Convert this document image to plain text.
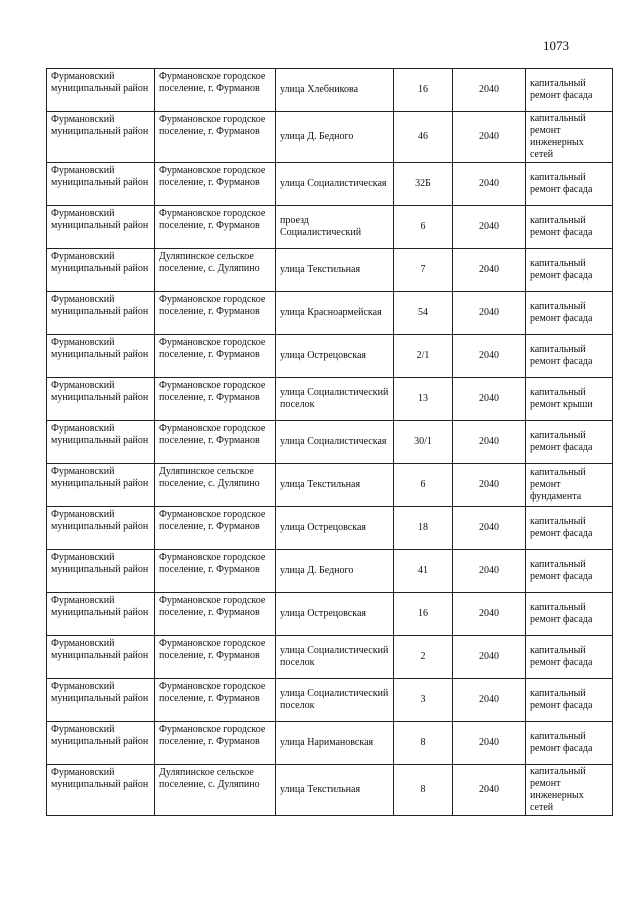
1073
Фурмановский муниципальный район	Фурмановское городское поселение, г. Фурманов	улица Хлебникова	16	2040	капитальный ремонт фасада
Фурмановский муниципальный район	Фурмановское городское поселение, г. Фурманов	улица Д. Бедного	46	2040	капитальный ремонт инженерных сетей
Фурмановский муниципальный район	Фурмановское городское поселение, г. Фурманов	улица Социалистическая	32Б	2040	капитальный ремонт фасада
Фурмановский муниципальный район	Фурмановское городское поселение, г. Фурманов	проезд Социалистический	6	2040	капитальный ремонт фасада
Фурмановский муниципальный район	Дуляпинское сельское поселение, с. Дуляпино	улица Текстильная	7	2040	капитальный ремонт фасада
Фурмановский муниципальный район	Фурмановское городское поселение, г. Фурманов	улица Красноармейская	54	2040	капитальный ремонт фасада
Фурмановский муниципальный район	Фурмановское городское поселение, г. Фурманов	улица Острецовская	2/1	2040	капитальный ремонт фасада
Фурмановский муниципальный район	Фурмановское городское поселение, г. Фурманов	улица Социалистический поселок	13	2040	капитальный ремонт крыши
Фурмановский муниципальный район	Фурмановское городское поселение, г. Фурманов	улица Социалистическая	30/1	2040	капитальный ремонт фасада
Фурмановский муниципальный район	Дуляпинское сельское поселение, с. Дуляпино	улица Текстильная	6	2040	капитальный ремонт фундамента
Фурмановский муниципальный район	Фурмановское городское поселение, г. Фурманов	улица Острецовская	18	2040	капитальный ремонт фасада
Фурмановский муниципальный район	Фурмановское городское поселение, г. Фурманов	улица Д. Бедного	41	2040	капитальный ремонт фасада
Фурмановский муниципальный район	Фурмановское городское поселение, г. Фурманов	улица Острецовская	16	2040	капитальный ремонт фасада
Фурмановский муниципальный район	Фурмановское городское поселение, г. Фурманов	улица Социалистический поселок	2	2040	капитальный ремонт фасада
Фурмановский муниципальный район	Фурмановское городское поселение, г. Фурманов	улица Социалистический поселок	3	2040	капитальный ремонт фасада
Фурмановский муниципальный район	Фурмановское городское поселение, г. Фурманов	улица Наримановская	8	2040	капитальный ремонт фасада
Фурмановский муниципальный район	Дуляпинское сельское поселение, с. Дуляпино	улица Текстильная	8	2040	капитальный ремонт инженерных сетей
